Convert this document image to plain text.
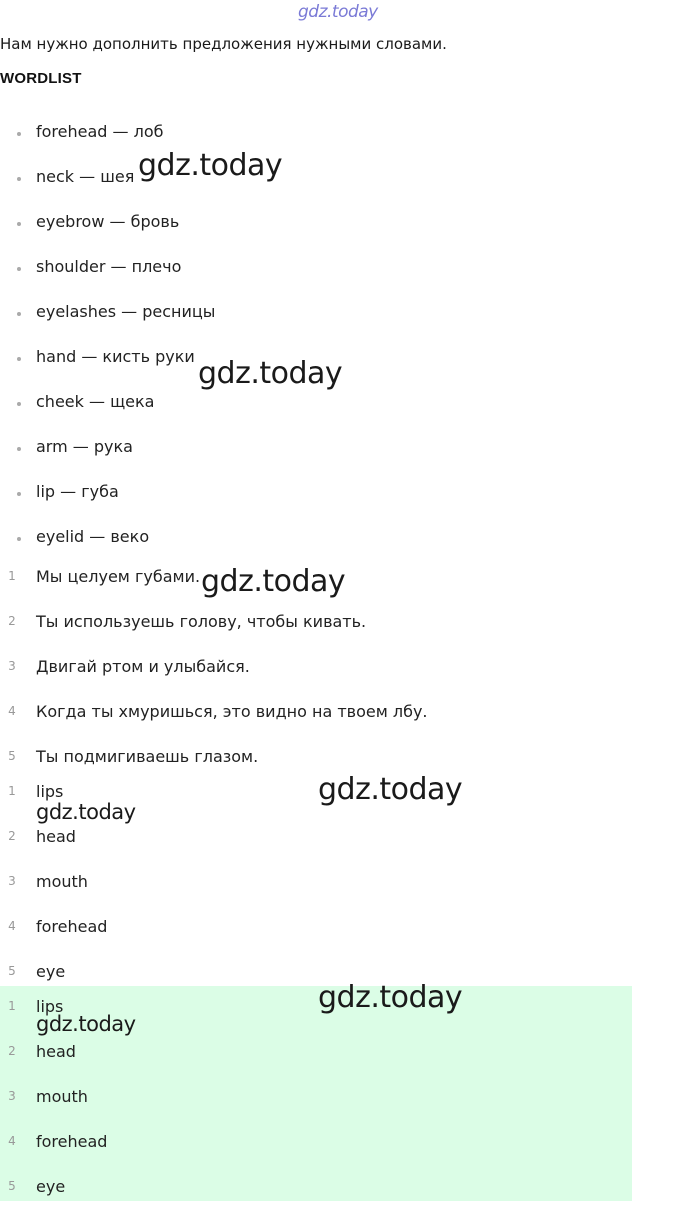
gdz.today
Нам нужно дополнить предложения нужными словами.
WORDLIST
forehead — лоб
neck — шея
eyebrow — бровь
shoulder — плечо
eyelashes — ресницы
hand — кисть руки
cheek — щека
arm — рука
lip — губа
eyelid — веко
1	Мы целуем губами.
2	Ты используешь голову, чтобы кивать.
3	Двигай ртом и улыбайся.
4	Когда ты хмуришься, это видно на твоем лбу.
5	Ты подмигиваешь глазом.
1	lips
2	head
3	mouth
4	forehead
5	eye
1	lips
2	head
3	mouth
4	forehead
5	eye
gdz.today
gdz.today
gdz.today
gdz.today
gdz.today
gdz.today
gdz.today
